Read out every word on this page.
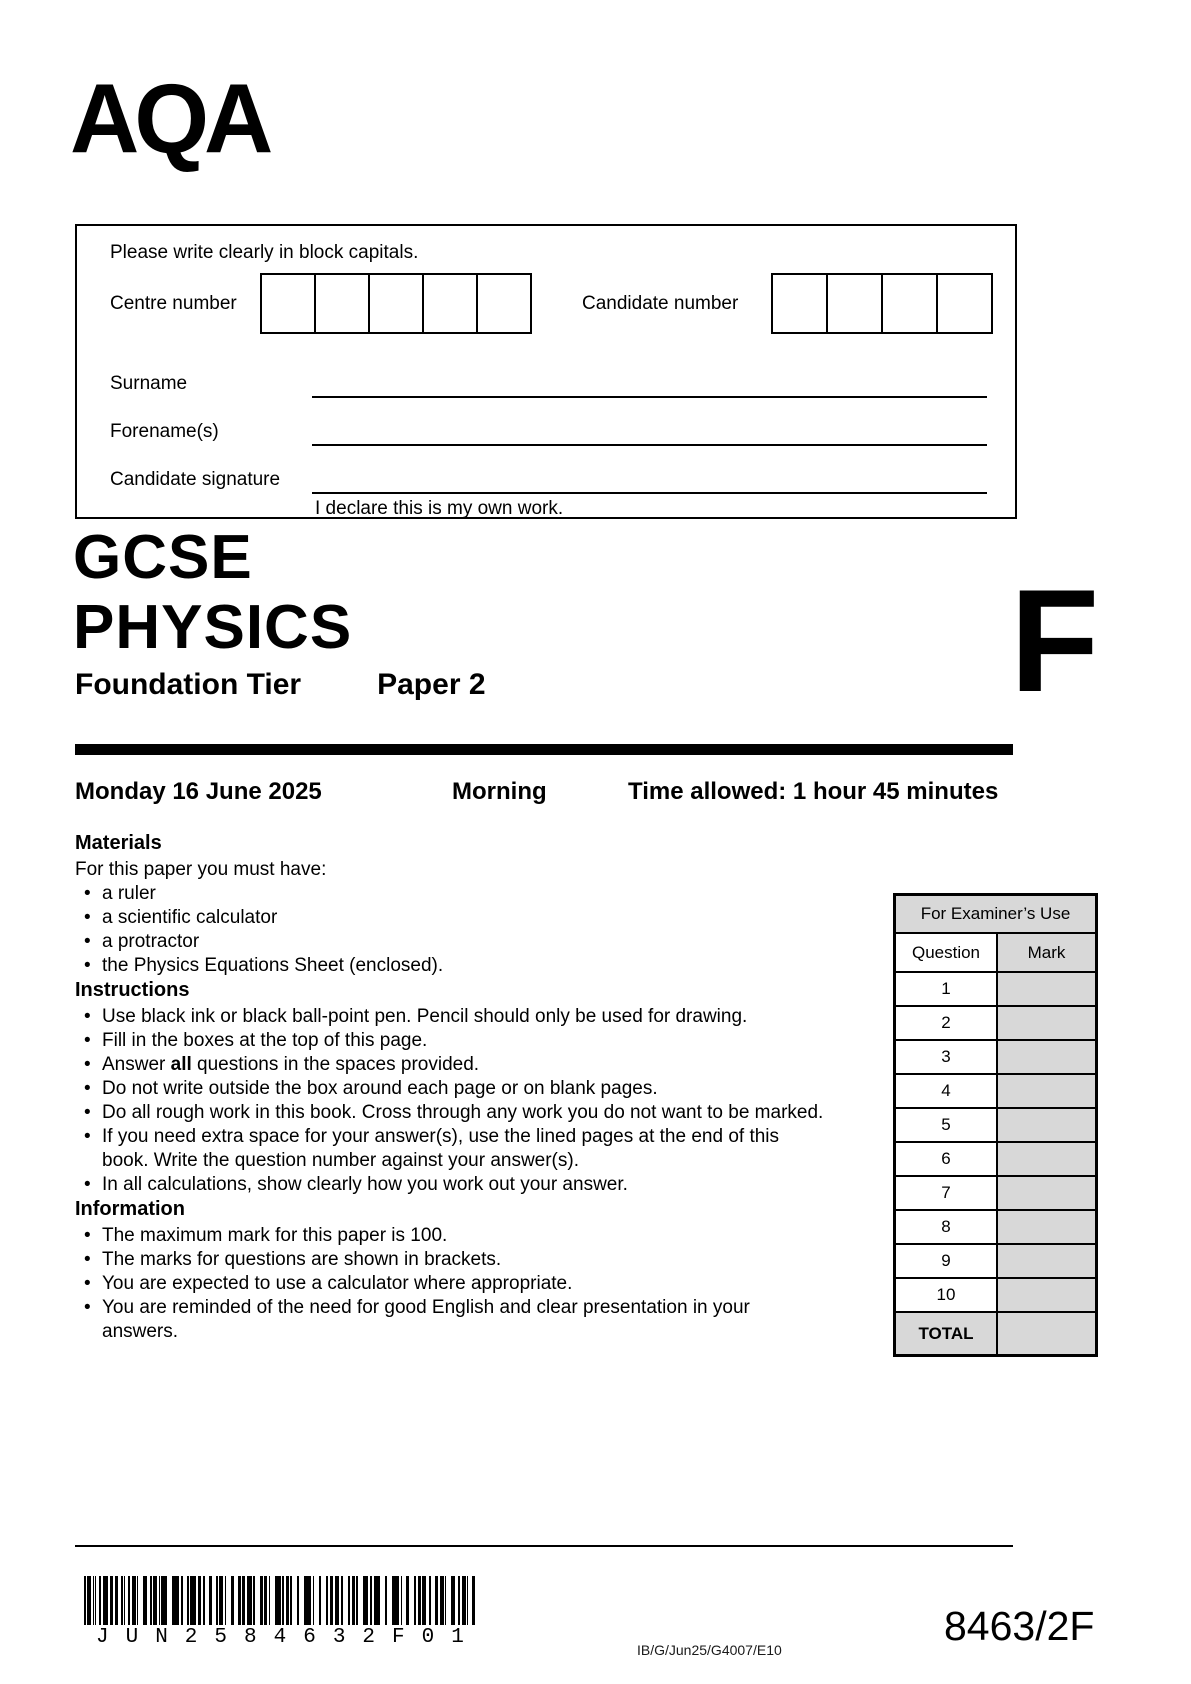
AQA
Please write clearly in block capitals.
Centre number	Candidate number
Surname
Forename(s)
Candidate signature
I declare this is my own work.
GCSE
PHYSICS	F
Foundation Tier	Paper 2
Monday 16 June 2025	Morning	Time allowed: 1 hour 45 minutes
Materials

For this paper you must have:

• a ruler
• a scientific calculator
• a protractor
• the Physics Equations Sheet (enclosed).
Instructions
• Use black ink or black ball-point pen. Pencil should only be used for drawing.
• Fill in the boxes at the top of this page.
• Answer all questions in the spaces provided.
• Do not write outside the box around each page or on blank pages.
• Do all rough work in this book. Cross through any work you do not want to be marked.
• If you need extra space for your answer(s), use the lined pages at the end of this book. Write the question number against your answer(s).
• In all calculations, show clearly how you work out your answer.
Information
• The maximum mark for this paper is 100.
• The marks for questions are shown in brackets.
• You are expected to use a calculator where appropriate.
• You are reminded of the need for good English and clear presentation in your answers.
For Examiner’s Use	
Question	Mark
1	
2	
3	
4	
5	
6	
7	
8	
9	
10	
TOTAL	
JUN2584632F01
IB/G/Jun25/G4007/E10
8463/2F
